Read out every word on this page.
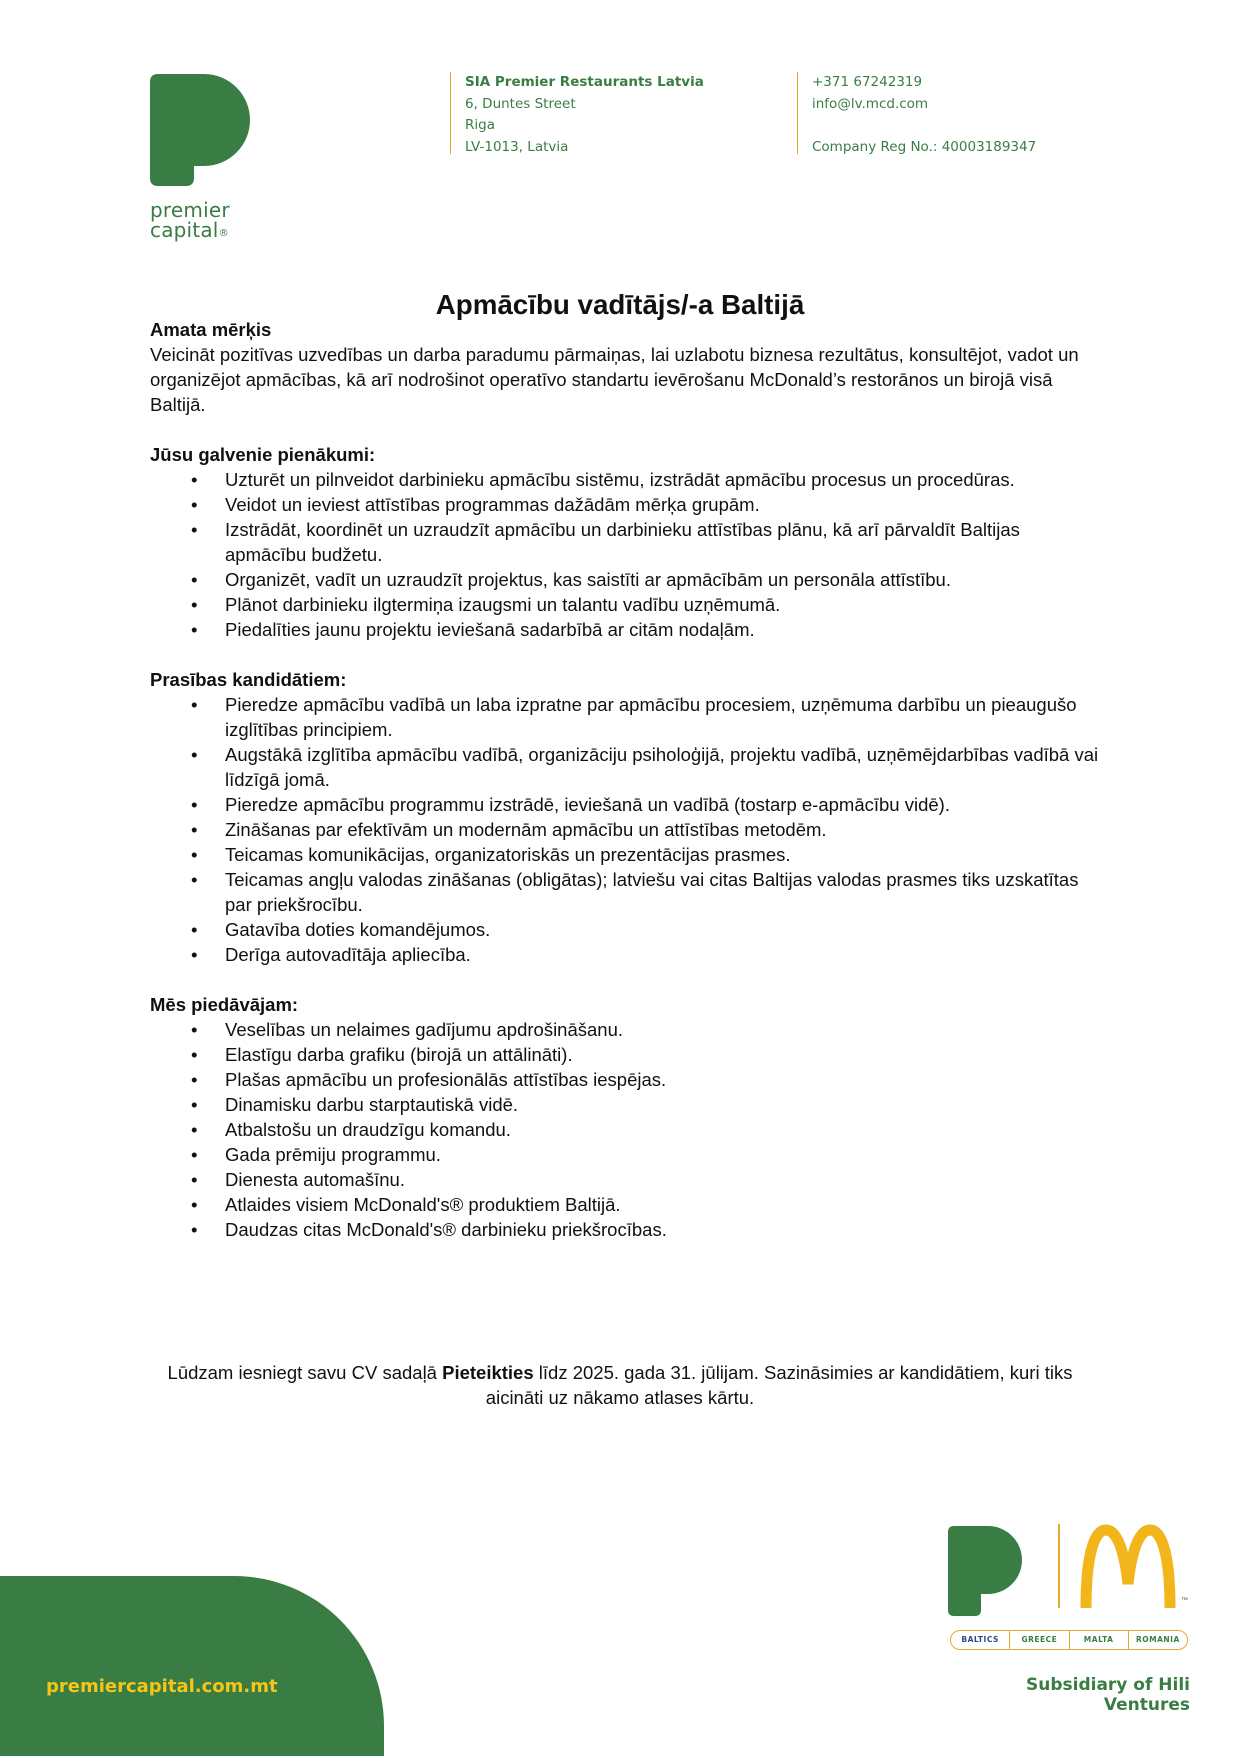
premier
capital®
SIA Premier Restaurants Latvia
6, Duntes Street
Riga
LV-1013, Latvia
+371 67242319
info@lv.mcd.com
Company Reg No.: 40003189347
Apmācību vadītājs/-a Baltijā
Amata mērķis

Veicināt pozitīvas uzvedības un darba paradumu pārmaiņas, lai uzlabotu biznesa rezultātus, konsultējot, vadot un organizējot apmācības, kā arī nodrošinot operatīvo standartu ievērošanu McDonald’s restorānos un birojā visā Baltijā.

Jūsu galvenie pienākumi:
• Uzturēt un pilnveidot darbinieku apmācību sistēmu, izstrādāt apmācību procesus un procedūras.
• Veidot un ieviest attīstības programmas dažādām mērķa grupām.
• Izstrādāt, koordinēt un uzraudzīt apmācību un darbinieku attīstības plānu, kā arī pārvaldīt Baltijas apmācību budžetu.
• Organizēt, vadīt un uzraudzīt projektus, kas saistīti ar apmācībām un personāla attīstību.
• Plānot darbinieku ilgtermiņa izaugsmi un talantu vadību uzņēmumā.
• Piedalīties jaunu projektu ieviešanā sadarbībā ar citām nodaļām.
Prasības kandidātiem:
• Pieredze apmācību vadībā un laba izpratne par apmācību procesiem, uzņēmuma darbību un pieaugušo izglītības principiem.
• Augstākā izglītība apmācību vadībā, organizāciju psiholoģijā, projektu vadībā, uzņēmējdarbības vadībā vai līdzīgā jomā.
• Pieredze apmācību programmu izstrādē, ieviešanā un vadībā (tostarp e-apmācību vidē).
• Zināšanas par efektīvām un modernām apmācību un attīstības metodēm.
• Teicamas komunikācijas, organizatoriskās un prezentācijas prasmes.
• Teicamas angļu valodas zināšanas (obligātas); latviešu vai citas Baltijas valodas prasmes tiks uzskatītas par priekšrocību.
• Gatavība doties komandējumos.
• Derīga autovadītāja apliecība.
Mēs piedāvājam:
• Veselības un nelaimes gadījumu apdrošināšanu.
• Elastīgu darba grafiku (birojā un attālināti).
• Plašas apmācību un profesionālās attīstības iespējas.
• Dinamisku darbu starptautiskā vidē.
• Atbalstošu un draudzīgu komandu.
• Gada prēmiju programmu.
• Dienesta automašīnu.
• Atlaides visiem McDonald's® produktiem Baltijā.
• Daudzas citas McDonald's® darbinieku priekšrocības.
Lūdzam iesniegt savu CV sadaļā Pieteikties līdz 2025. gada 31. jūlijam. Sazināsimies ar kandidātiem, kuri tiks aicināti uz nākamo atlases kārtu.
premiercapital.com.mt
™
BALTICS	GREECE	MALTA	ROMANIA
Subsidiary of Hili Ventures
